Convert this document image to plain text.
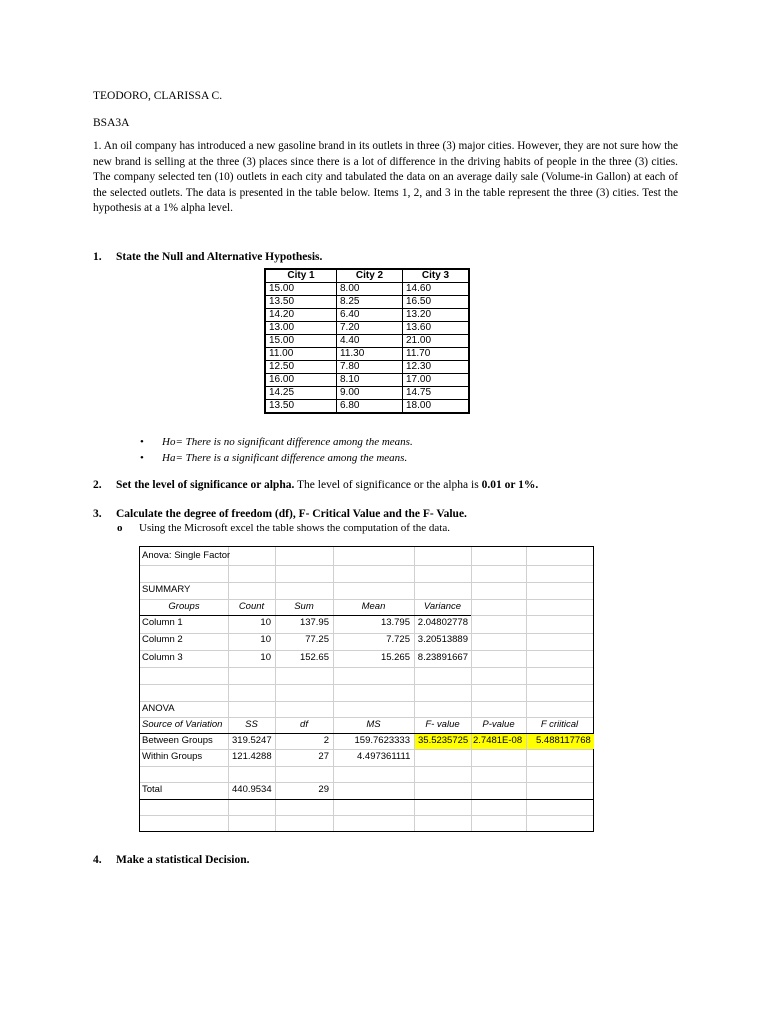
TEODORO, CLARISSA C.
BSA3A

1. An oil company has introduced a new gasoline brand in its outlets in three (3) major cities. However, they are not sure how the new brand is selling at the three (3) places since there is a lot of difference in the driving habits of people in the three (3) cities. The company selected ten (10) outlets in each city and tabulated the data on an average daily sale (Volume-in Gallon) at each of the selected outlets. The data is presented in the table below. Items 1, 2, and 3 in the table represent the three (3) cities. Test the hypothesis at a 1% alpha level.

1. State the Null and Alternative Hypothesis.
City 1	City 2	City 3
15.00	8.00	14.60
13.50	8.25	16.50
14.20	6.40	13.20
13.00	7.20	13.60
15.00	4.40	21.00
11.00	11.30	11.70
12.50	7.80	12.30
16.00	8.10	17.00
14.25	9.00	14.75
13.50	6.80	18.00
• Ho= There is no significant difference among the means.
• Ha= There is a significant difference among the means.
2. Set the level of significance or alpha. The level of significance or the alpha is 0.01 or 1%.
3. Calculate the degree of freedom (df), F- Critical Value and the F- Value.
o Using the Microsoft excel the table shows the computation of the data.
Anova: Single Factor
SUMMARY
Groups	Count	Sum	Mean	Variance
Column 1	10	137.95	13.795 2.04802778
Column 2	10	77.25	7.725 3.20513889
Column 3	10	152.65	15.265 8.23891667
ANOVA
Source of Variation	SS	df	MS	F- value	P-value	F criitical
Between Groups 319.5247	2	159.7623333 35.5235725 2.7481E-08 5.488117768
Within Groups	121.4288	27	4.497361111
Total	440.9534	29
4. Make a statistical Decision.
